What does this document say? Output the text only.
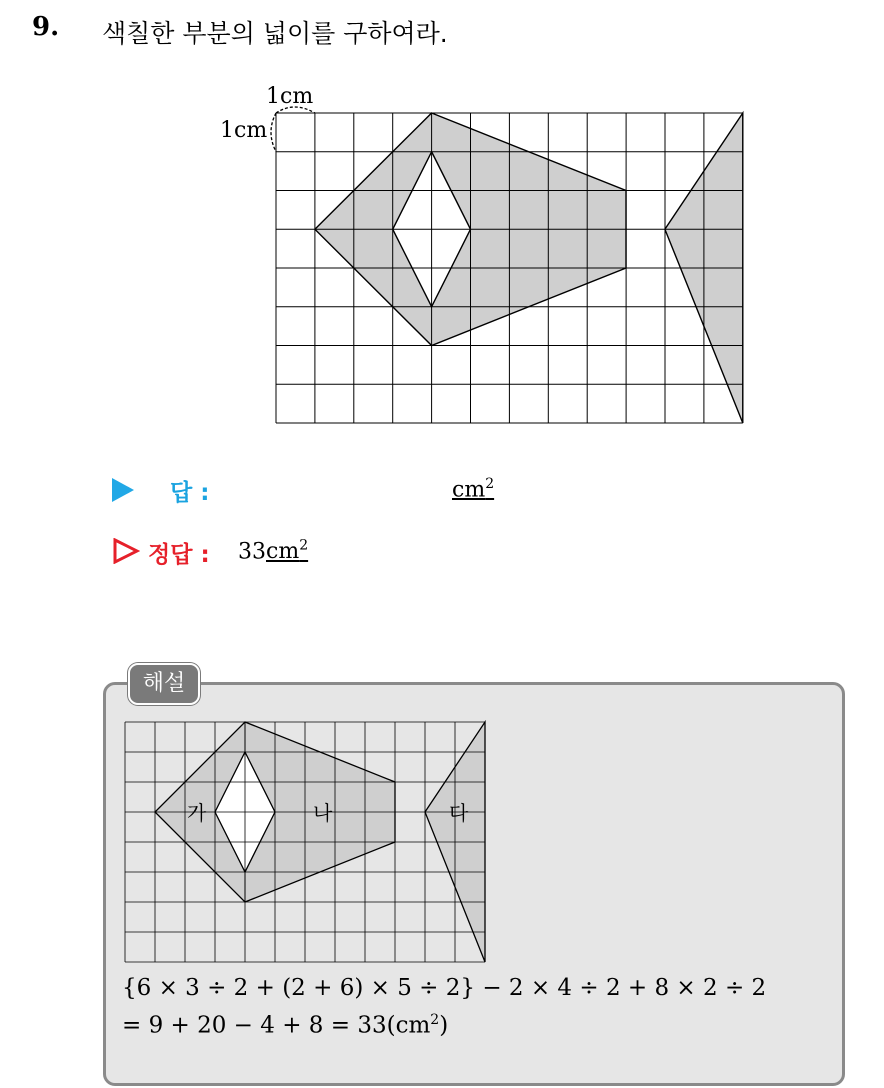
9. 색칠한 부분의 넓이를 구하여라.
1cm
1cm
답 :	$cm^2$
정답 : $33cm^2$
해설
가	나	다
{6 × 3 ÷ 2 + (2 + 6) × 5 ÷ 2} − 2 × 4 ÷ 2 + 8 × 2 ÷ 2
= $9 + 20 - 4 + 8 = 33(cm^2)$
